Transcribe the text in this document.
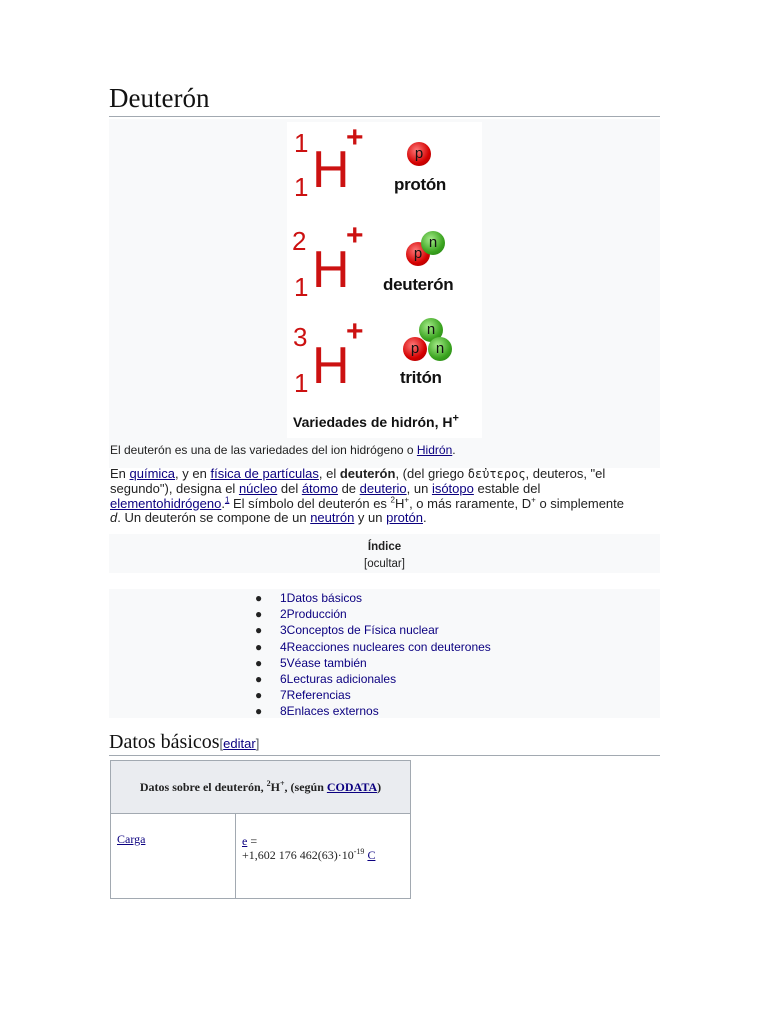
Deuterón
1
1 H
+	p
protón
2
1 H
+
p
n
deuterón
3
1 H
+	n
p	n
tritón
Variedades de hidrón, H+
El deuterón es una de las variedades del ion hidrógeno o Hidrón.
En química, y en física de partículas, el deuterón, (del griego δεὐτερος, deuteros, "el segundo"), designa el núcleo del átomo de deuterio, un isótopo estable del elementohidrógeno.$^1$ El símbolo del deuterón es $^2$H+, o más raramente, D+ o simplemente d. Un deuterón se compone de un neutrón y un protón.
Índice
[ocultar]
● 1Datos básicos
● 2Producción
● 3Conceptos de Física nuclear
● 4Reacciones nucleares con deuterones
● 5Véase también
● 6Lecturas adicionales
● 7Referencias
● 8Enlaces externos
Datos básicos[editar]
Datos sobre el deuterón, $^2$H+, (según CODATA)
Carga	e =
+1,602 176 $462(63)\cdot 10^{-19}$ C
